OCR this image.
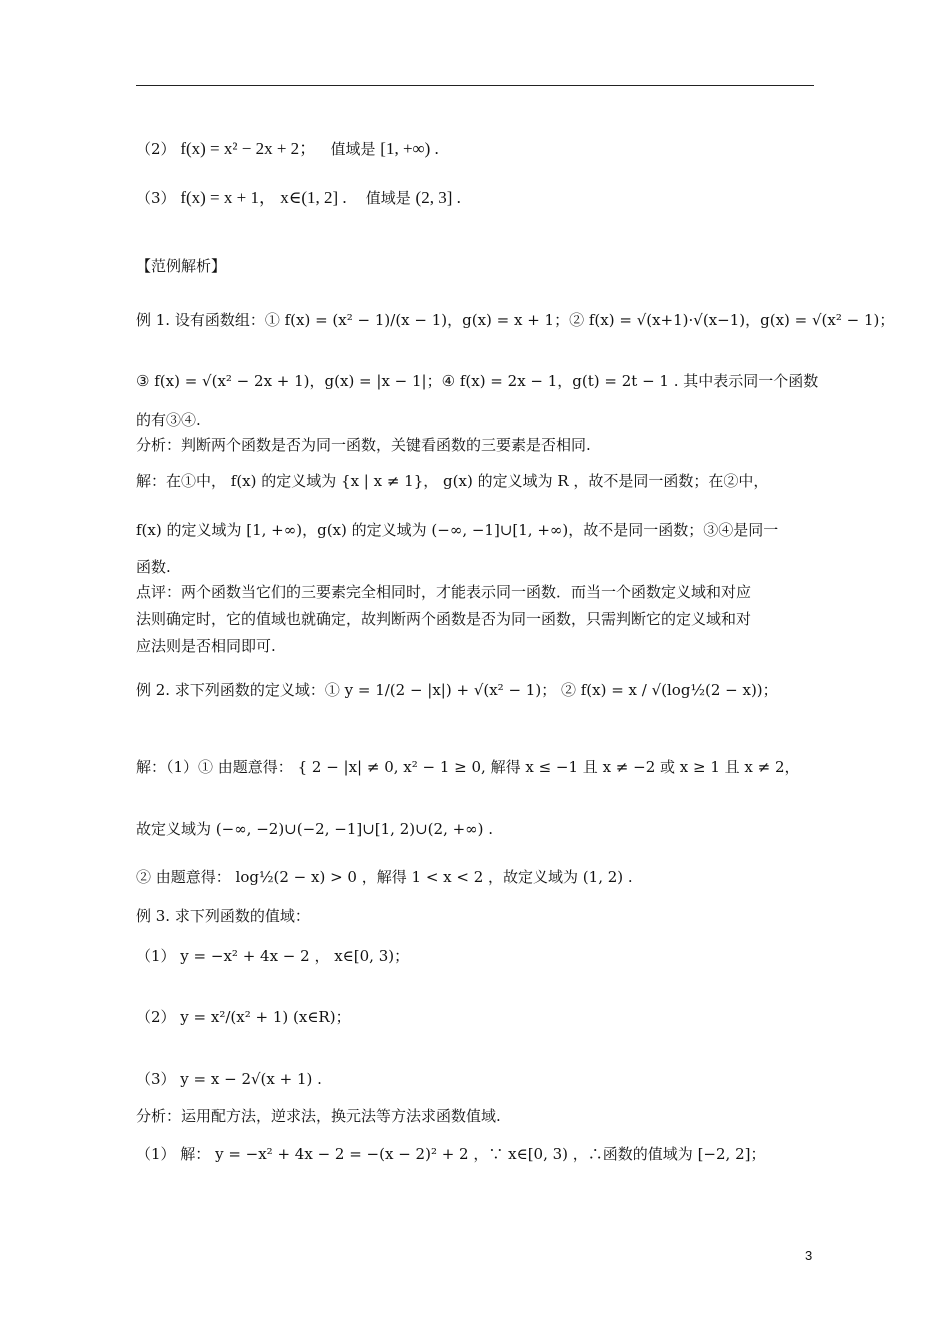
（2） f(x) = x² − 2x + 2； 值域是 [1, +∞) .
（3） f(x) = x + 1， x∈(1, 2] . 值域是 (2, 3] .
【范例解析】
例 1. 设有函数组：① f(x) = (x² − 1)/(x − 1)，g(x) = x + 1；② f(x) = √(x+1)·√(x−1)，g(x) = √(x² − 1)；
③ f(x) = √(x² − 2x + 1)，g(x) = |x − 1|；④ f(x) = 2x − 1，g(t) = 2t − 1 . 其中表示同一个函数
的有③④.
分析：判断两个函数是否为同一函数，关键看函数的三要素是否相同.
解：在①中， f(x) 的定义域为 {x | x ≠ 1}， g(x) 的定义域为 R ，故不是同一函数；在②中，
f(x) 的定义域为 [1, +∞)，g(x) 的定义域为 (−∞, −1]∪[1, +∞)，故不是同一函数；③④是同一
函数.
点评：两个函数当它们的三要素完全相同时，才能表示同一函数．而当一个函数定义域和对应
法则确定时，它的值域也就确定，故判断两个函数是否为同一函数，只需判断它的定义域和对
应法则是否相同即可.
例 2. 求下列函数的定义域：① y = 1/(2 − |x|) + √(x² − 1)； ② f(x) = x / √(log½(2 − x))；
解：（1）① 由题意得： { 2 − |x| ≠ 0, x² − 1 ≥ 0, 解得 x ≤ −1 且 x ≠ −2 或 x ≥ 1 且 x ≠ 2，
故定义域为 (−∞, −2)∪(−2, −1]∪[1, 2)∪(2, +∞) .
② 由题意得： log½(2 − x) > 0 ，解得 1 < x < 2 ，故定义域为 (1, 2) .
例 3. 求下列函数的值域：
（1） y = −x² + 4x − 2 ， x∈[0, 3)；
（2） y = x²/(x² + 1) (x∈R)；
（3） y = x − 2√(x + 1) .
分析：运用配方法，逆求法，换元法等方法求函数值域.
（1） 解： y = −x² + 4x − 2 = −(x − 2)² + 2 ，∵ x∈[0, 3) ，∴函数的值域为 [−2, 2]；
3
